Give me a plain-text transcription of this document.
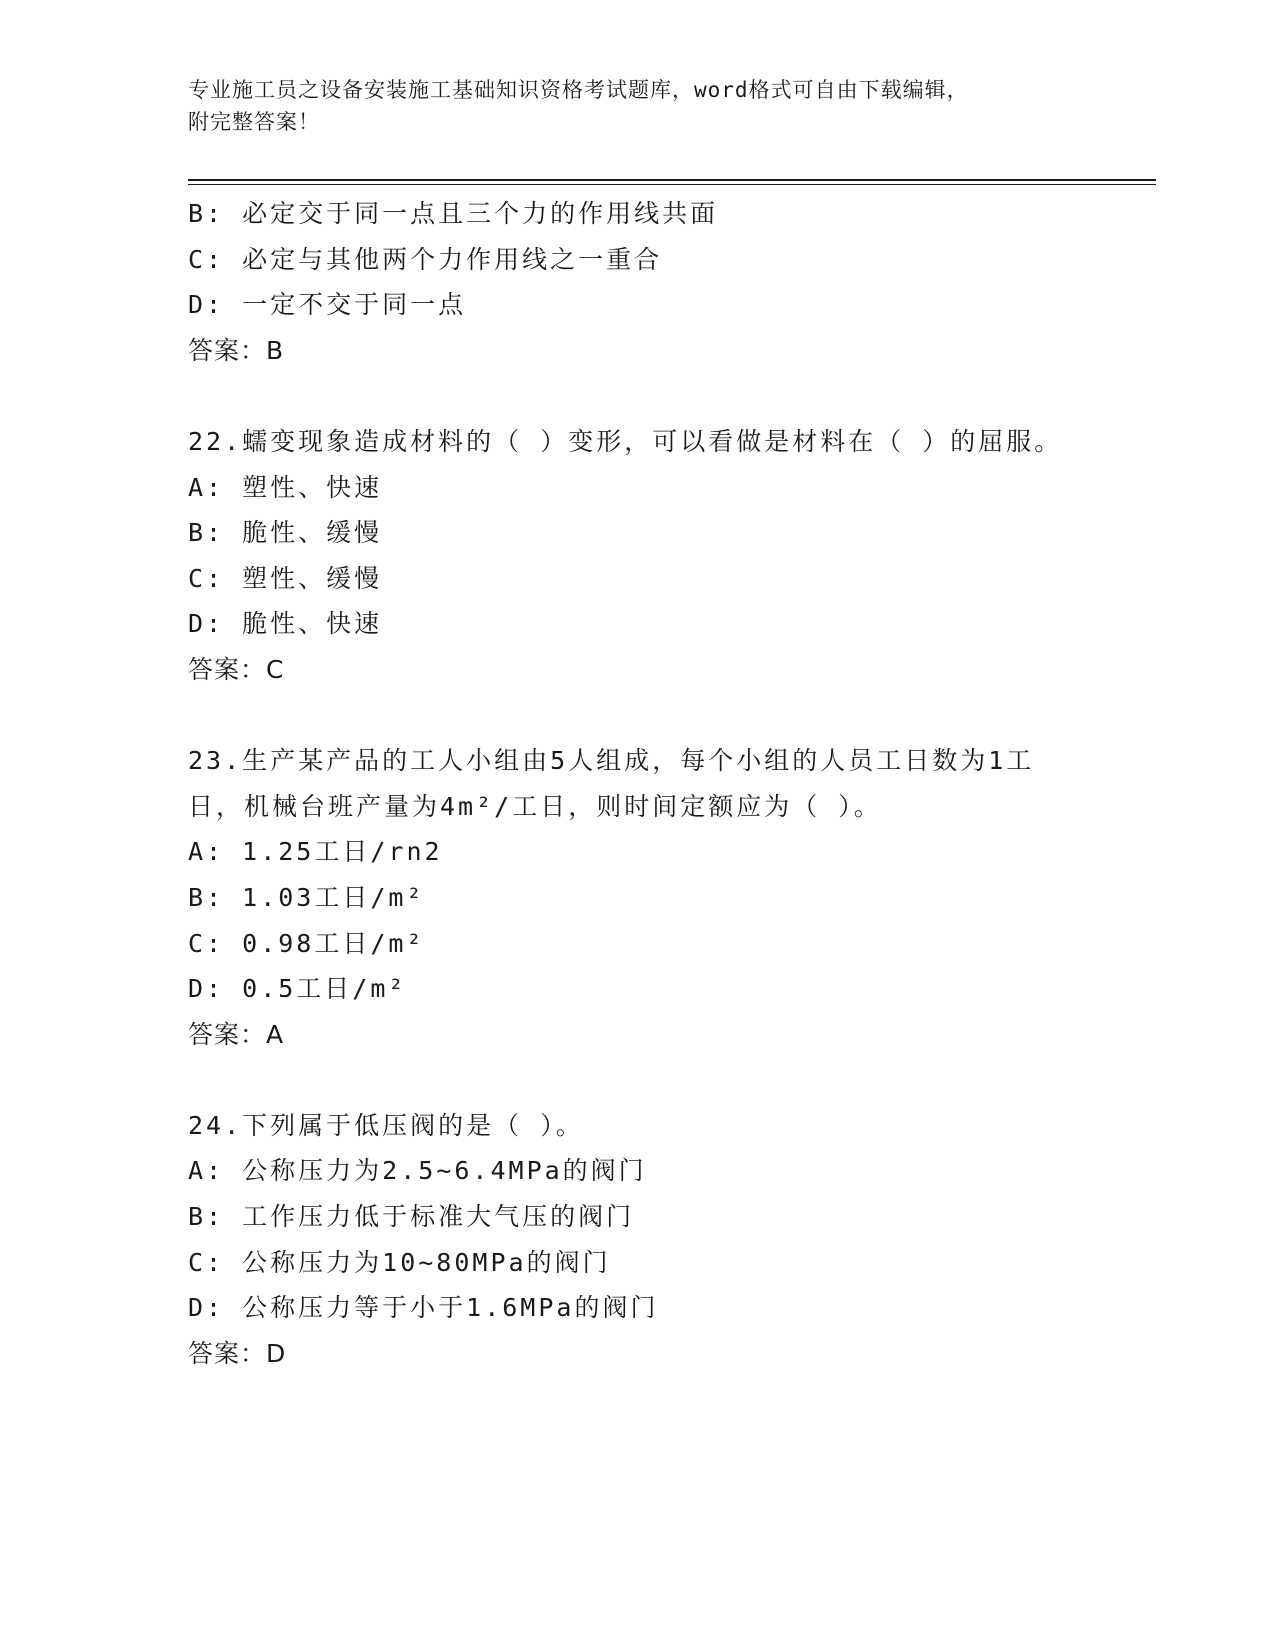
专业施工员之设备安装施工基础知识资格考试题库，word格式可自由下载编辑，
附完整答案！
B: 必定交于同一点且三个力的作用线共面
C: 必定与其他两个力作用线之一重合
D: 一定不交于同一点
答案：B
22.蠕变现象造成材料的（ ）变形，可以看做是材料在（ ）的屈服。
A: 塑性、快速
B: 脆性、缓慢
C: 塑性、缓慢
D: 脆性、快速
答案：C
23.生产某产品的工人小组由5人组成，每个小组的人员工日数为1工
日，机械台班产量为4m²/工日，则时间定额应为（ ）。
A: 1.25工日/rn2
B: 1.03工日/m²
C: 0.98工日/m²
D: 0.5工日/m²
答案：A
24.下列属于低压阀的是（ ）。
A: 公称压力为2.5~6.4MPa的阀门
B: 工作压力低于标准大气压的阀门
C: 公称压力为10~80MPa的阀门
D: 公称压力等于小于1.6MPa的阀门
答案：D
